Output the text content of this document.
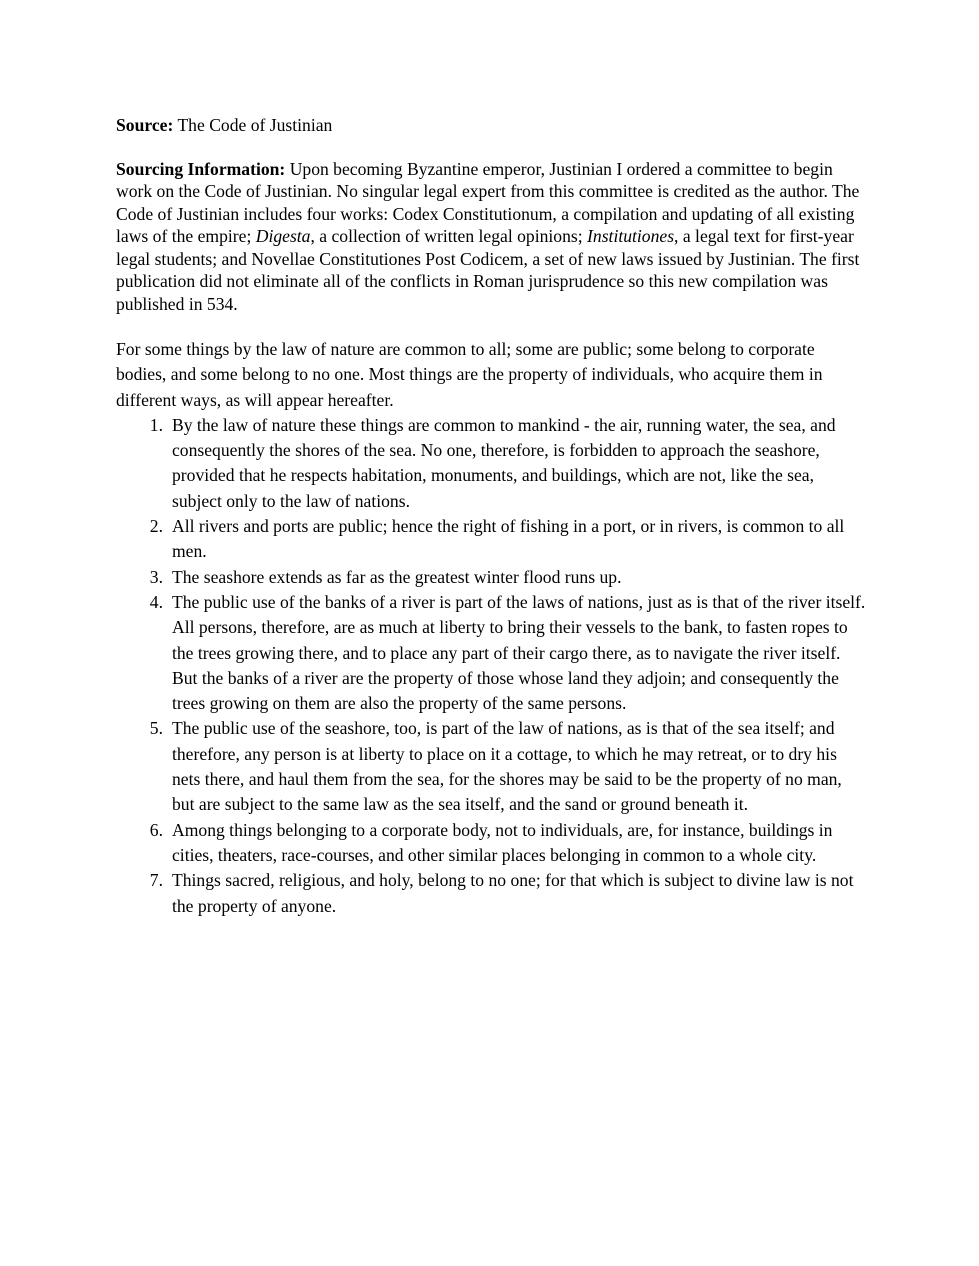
Source: The Code of Justinian

Sourcing Information: Upon becoming Byzantine emperor, Justinian I ordered a committee to begin work on the Code of Justinian. No singular legal expert from this committee is credited as the author. The Code of Justinian includes four works: Codex Constitutionum, a compilation and updating of all existing laws of the empire; Digesta, a collection of written legal opinions; Institutiones, a legal text for first-year legal students; and Novellae Constitutiones Post Codicem, a set of new laws issued by Justinian. The first publication did not eliminate all of the conflicts in Roman jurisprudence so this new compilation was published in 534.

For some things by the law of nature are common to all; some are public; some belong to corporate bodies, and some belong to no one. Most things are the property of individuals, who acquire them in different ways, as will appear hereafter.

1. By the law of nature these things are common to mankind - the air, running water, the sea, and consequently the shores of the sea. No one, therefore, is forbidden to approach the seashore, provided that he respects habitation, monuments, and buildings, which are not, like the sea, subject only to the law of nations.
2. All rivers and ports are public; hence the right of fishing in a port, or in rivers, is common to all men.
3. The seashore extends as far as the greatest winter flood runs up.
4. The public use of the banks of a river is part of the laws of nations, just as is that of the river itself. All persons, therefore, are as much at liberty to bring their vessels to the bank, to fasten ropes to the trees growing there, and to place any part of their cargo there, as to navigate the river itself. But the banks of a river are the property of those whose land they adjoin; and consequently the trees growing on them are also the property of the same persons.
5. The public use of the seashore, too, is part of the law of nations, as is that of the sea itself; and therefore, any person is at liberty to place on it a cottage, to which he may retreat, or to dry his nets there, and haul them from the sea, for the shores may be said to be the property of no man, but are subject to the same law as the sea itself, and the sand or ground beneath it.
6. Among things belonging to a corporate body, not to individuals, are, for instance, buildings in cities, theaters, race-courses, and other similar places belonging in common to a whole city.
7. Things sacred, religious, and holy, belong to no one; for that which is subject to divine law is not the property of anyone.
